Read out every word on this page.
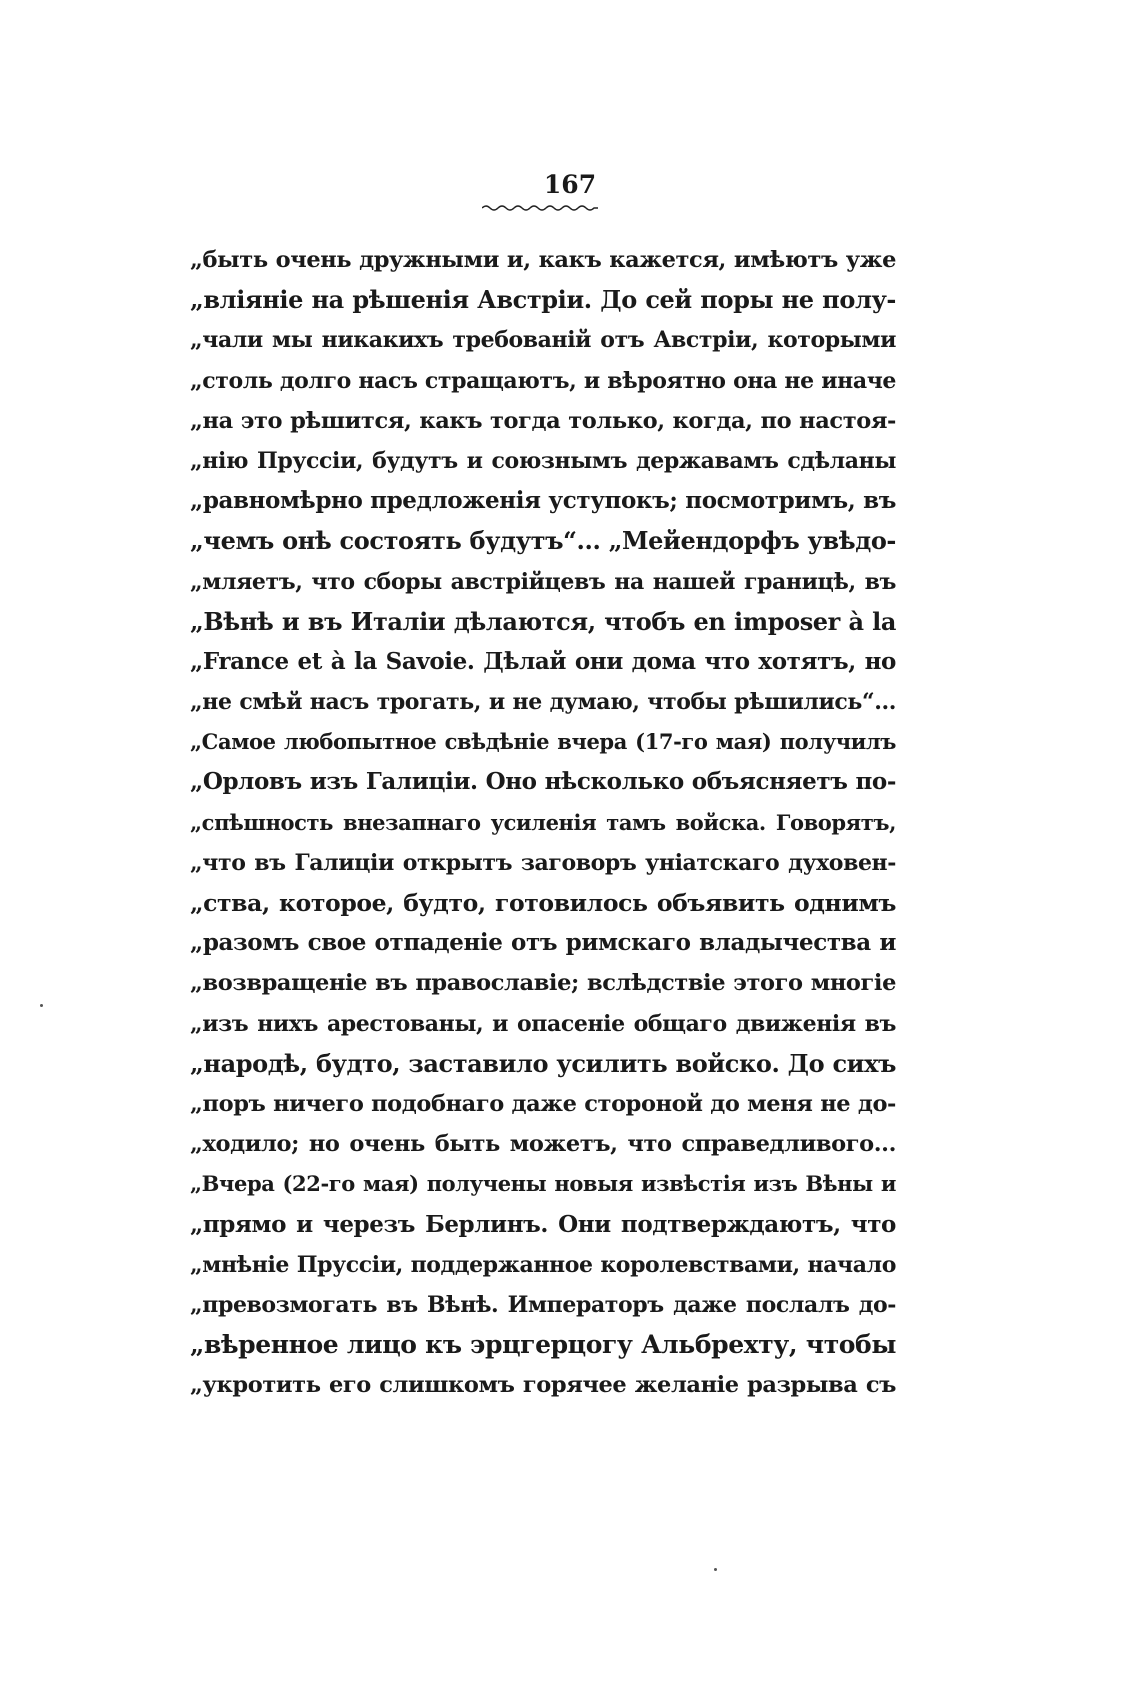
167
„быть очень дружными и, какъ кажется, имѣютъ уже
„вліяніе на рѣшенія Австріи. До сей поры не полу-
„чали мы никакихъ требованій отъ Австріи, которыми
„столь долго насъ стращаютъ, и вѣроятно она не иначе
„на это рѣшится, какъ тогда только, когда, по настоя-
„нію Пруссіи, будутъ и союзнымъ державамъ сдѣланы
„равномѣрно предложенія уступокъ; посмотримъ, въ
„чемъ онѣ состоять будутъ“... „Мейендорфъ увѣдо-
„мляетъ, что сборы австрійцевъ на нашей границѣ, въ
„Вѣнѣ и въ Италіи дѣлаются, чтобъ en imposer à la
„France et à la Savoie. Дѣлай они дома что хотятъ, но
„не смѣй насъ трогать, и не думаю, чтобы рѣшились“...
„Самое любопытное свѣдѣніе вчера (17-го мая) получилъ
„Орловъ изъ Галиціи. Оно нѣсколько объясняетъ по-
„спѣшность внезапнаго усиленія тамъ войска. Говорятъ,
„что въ Галиціи открытъ заговоръ уніатскаго духовен-
„ства, которое, будто, готовилось объявить однимъ
„разомъ свое отпаденіе отъ римскаго владычества и
„возвращеніе въ православіе; вслѣдствіе этого многіе
„изъ нихъ арестованы, и опасеніе общаго движенія въ
„народѣ, будто, заставило усилить войско. До сихъ
„поръ ничего подобнаго даже стороной до меня не до-
„ходило; но очень быть можетъ, что справедливого...
„Вчера (22-го мая) получены новыя извѣстія изъ Вѣны и
„прямо и черезъ Берлинъ. Они подтверждаютъ, что
„мнѣніе Пруссіи, поддержанное королевствами, начало
„превозмогать въ Вѣнѣ. Императоръ даже послалъ до-
„вѣренное лицо къ эрцгерцогу Альбрехту, чтобы
„укротить его слишкомъ горячее желаніе разрыва съ
